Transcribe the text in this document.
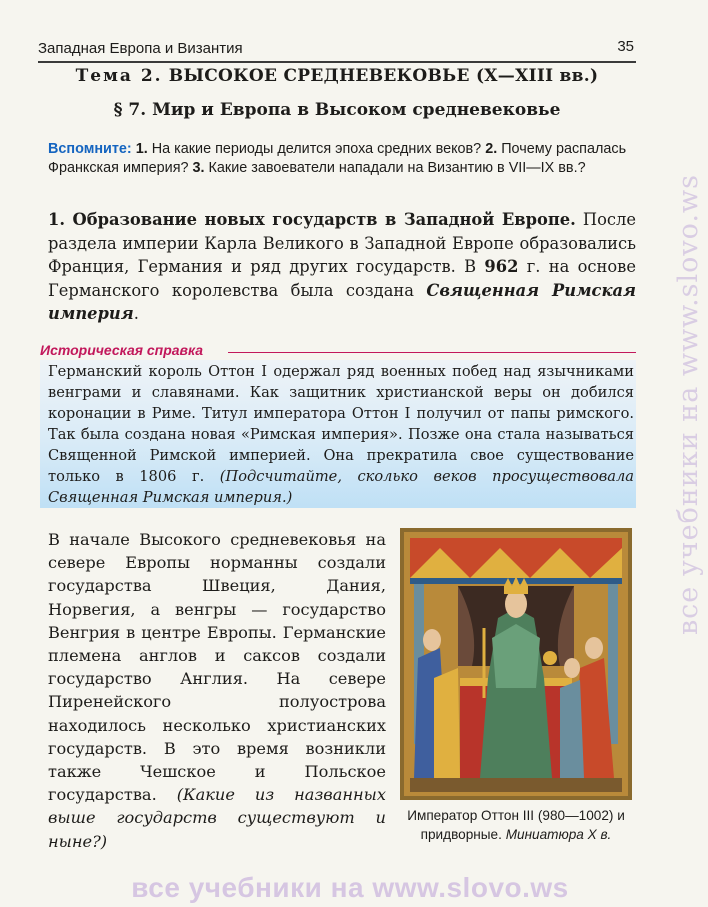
все учебники на www.slovo.ws
Западная Европа и Византия	35
Тема 2. ВЫСОКОЕ СРЕДНЕВЕКОВЬЕ (X—XIII вв.)
§ 7. Мир и Европа в Высоком средневековье
Вспомните: 1. На какие периоды делится эпоха средних веков? 2. Почему распалась Франкская империя? 3. Какие завоеватели нападали на Византию в VII—IX вв.?
1. Образование новых государств в Западной Европе. После раздела империи Карла Великого в Западной Европе образовались Франция, Германия и ряд других государств. В 962 г. на основе Германского королевства была создана Священная Римская империя.
Историческая справка
Германский король Оттон I одержал ряд военных побед над язычниками венграми и славянами. Как защитник христианской веры он добился коронации в Риме. Титул императора Оттон I получил от папы римского. Так была создана новая «Римская империя». Позже она стала называться Священной Римской империей. Она прекратила свое существование только в 1806 г. (Подсчитайте, сколько веков просуществовала Священная Римская империя.)
В начале Высокого средневековья на севере Европы норманны создали государства Швеция, Дания, Норвегия, а венгры — государство Венгрия в центре Европы. Германские племена англов и саксов создали государство Англия. На севере Пиренейского полуострова находилось несколько христианских государств. В это время возникли также Чешское и Польское государства. (Какие из названных выше государств существуют и ныне?)
Император Оттон III (980—1002) и придворные. Миниатюра X в.
все учебники на www.slovo.ws
